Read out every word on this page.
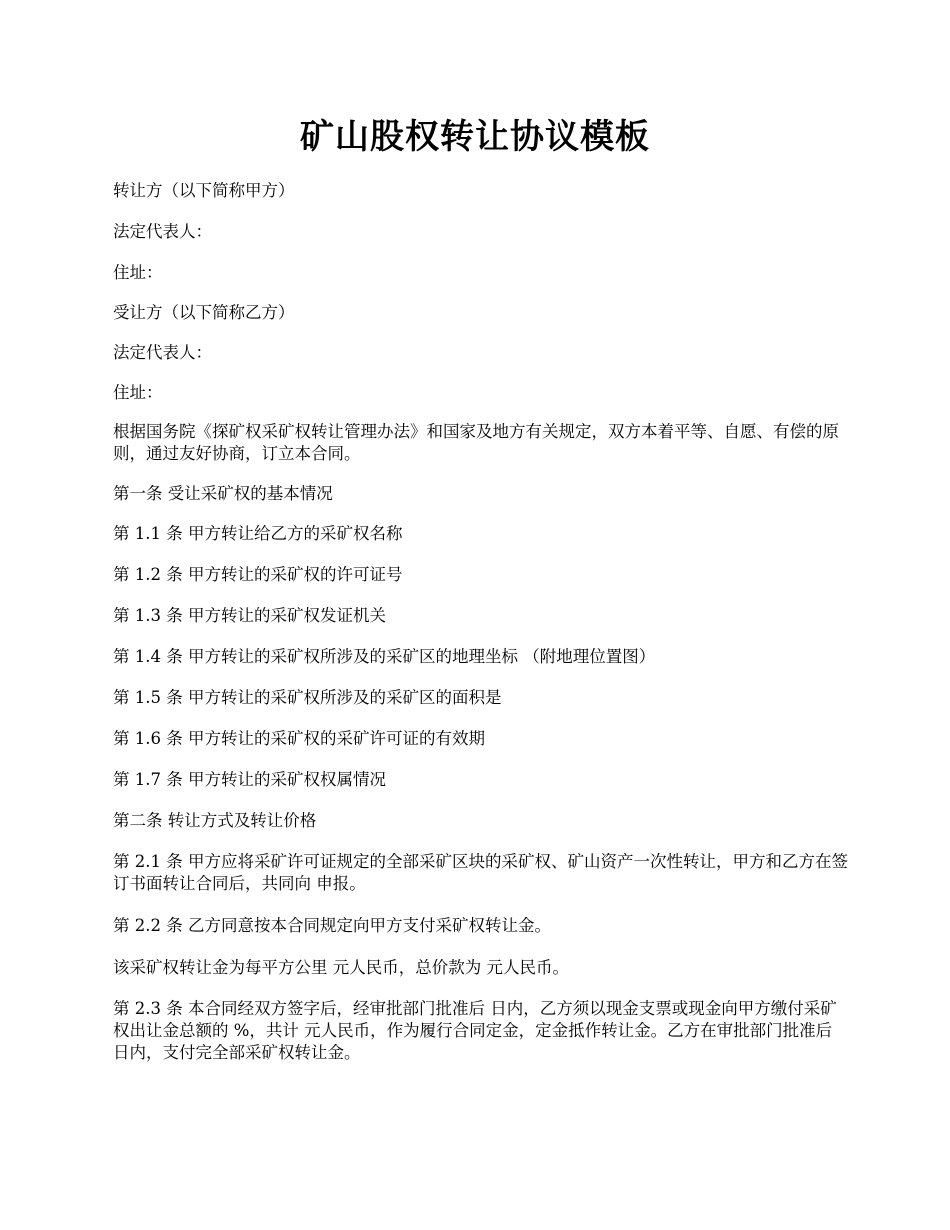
矿山股权转让协议模板
转让方（以下简称甲方）
法定代表人：
住址：
受让方（以下简称乙方）
法定代表人：
住址：
根据国务院《探矿权采矿权转让管理办法》和国家及地方有关规定，双方本着平等、自愿、有偿的原则，通过友好协商，订立本合同。
第一条 受让采矿权的基本情况
第 1.1 条 甲方转让给乙方的采矿权名称
第 1.2 条 甲方转让的采矿权的许可证号
第 1.3 条 甲方转让的采矿权发证机关
第 1.4 条 甲方转让的采矿权所涉及的采矿区的地理坐标 （附地理位置图）
第 1.5 条 甲方转让的采矿权所涉及的采矿区的面积是
第 1.6 条 甲方转让的采矿权的采矿许可证的有效期
第 1.7 条 甲方转让的采矿权权属情况
第二条 转让方式及转让价格
第 2.1 条 甲方应将采矿许可证规定的全部采矿区块的采矿权、矿山资产一次性转让，甲方和乙方在签订书面转让合同后，共同向 申报。
第 2.2 条 乙方同意按本合同规定向甲方支付采矿权转让金。
该采矿权转让金为每平方公里 元人民币，总价款为 元人民币。
第 2.3 条 本合同经双方签字后，经审批部门批准后 日内，乙方须以现金支票或现金向甲方缴付采矿权出让金总额的 %，共计 元人民币，作为履行合同定金，定金抵作转让金。乙方在审批部门批准后 日内，支付完全部采矿权转让金。
